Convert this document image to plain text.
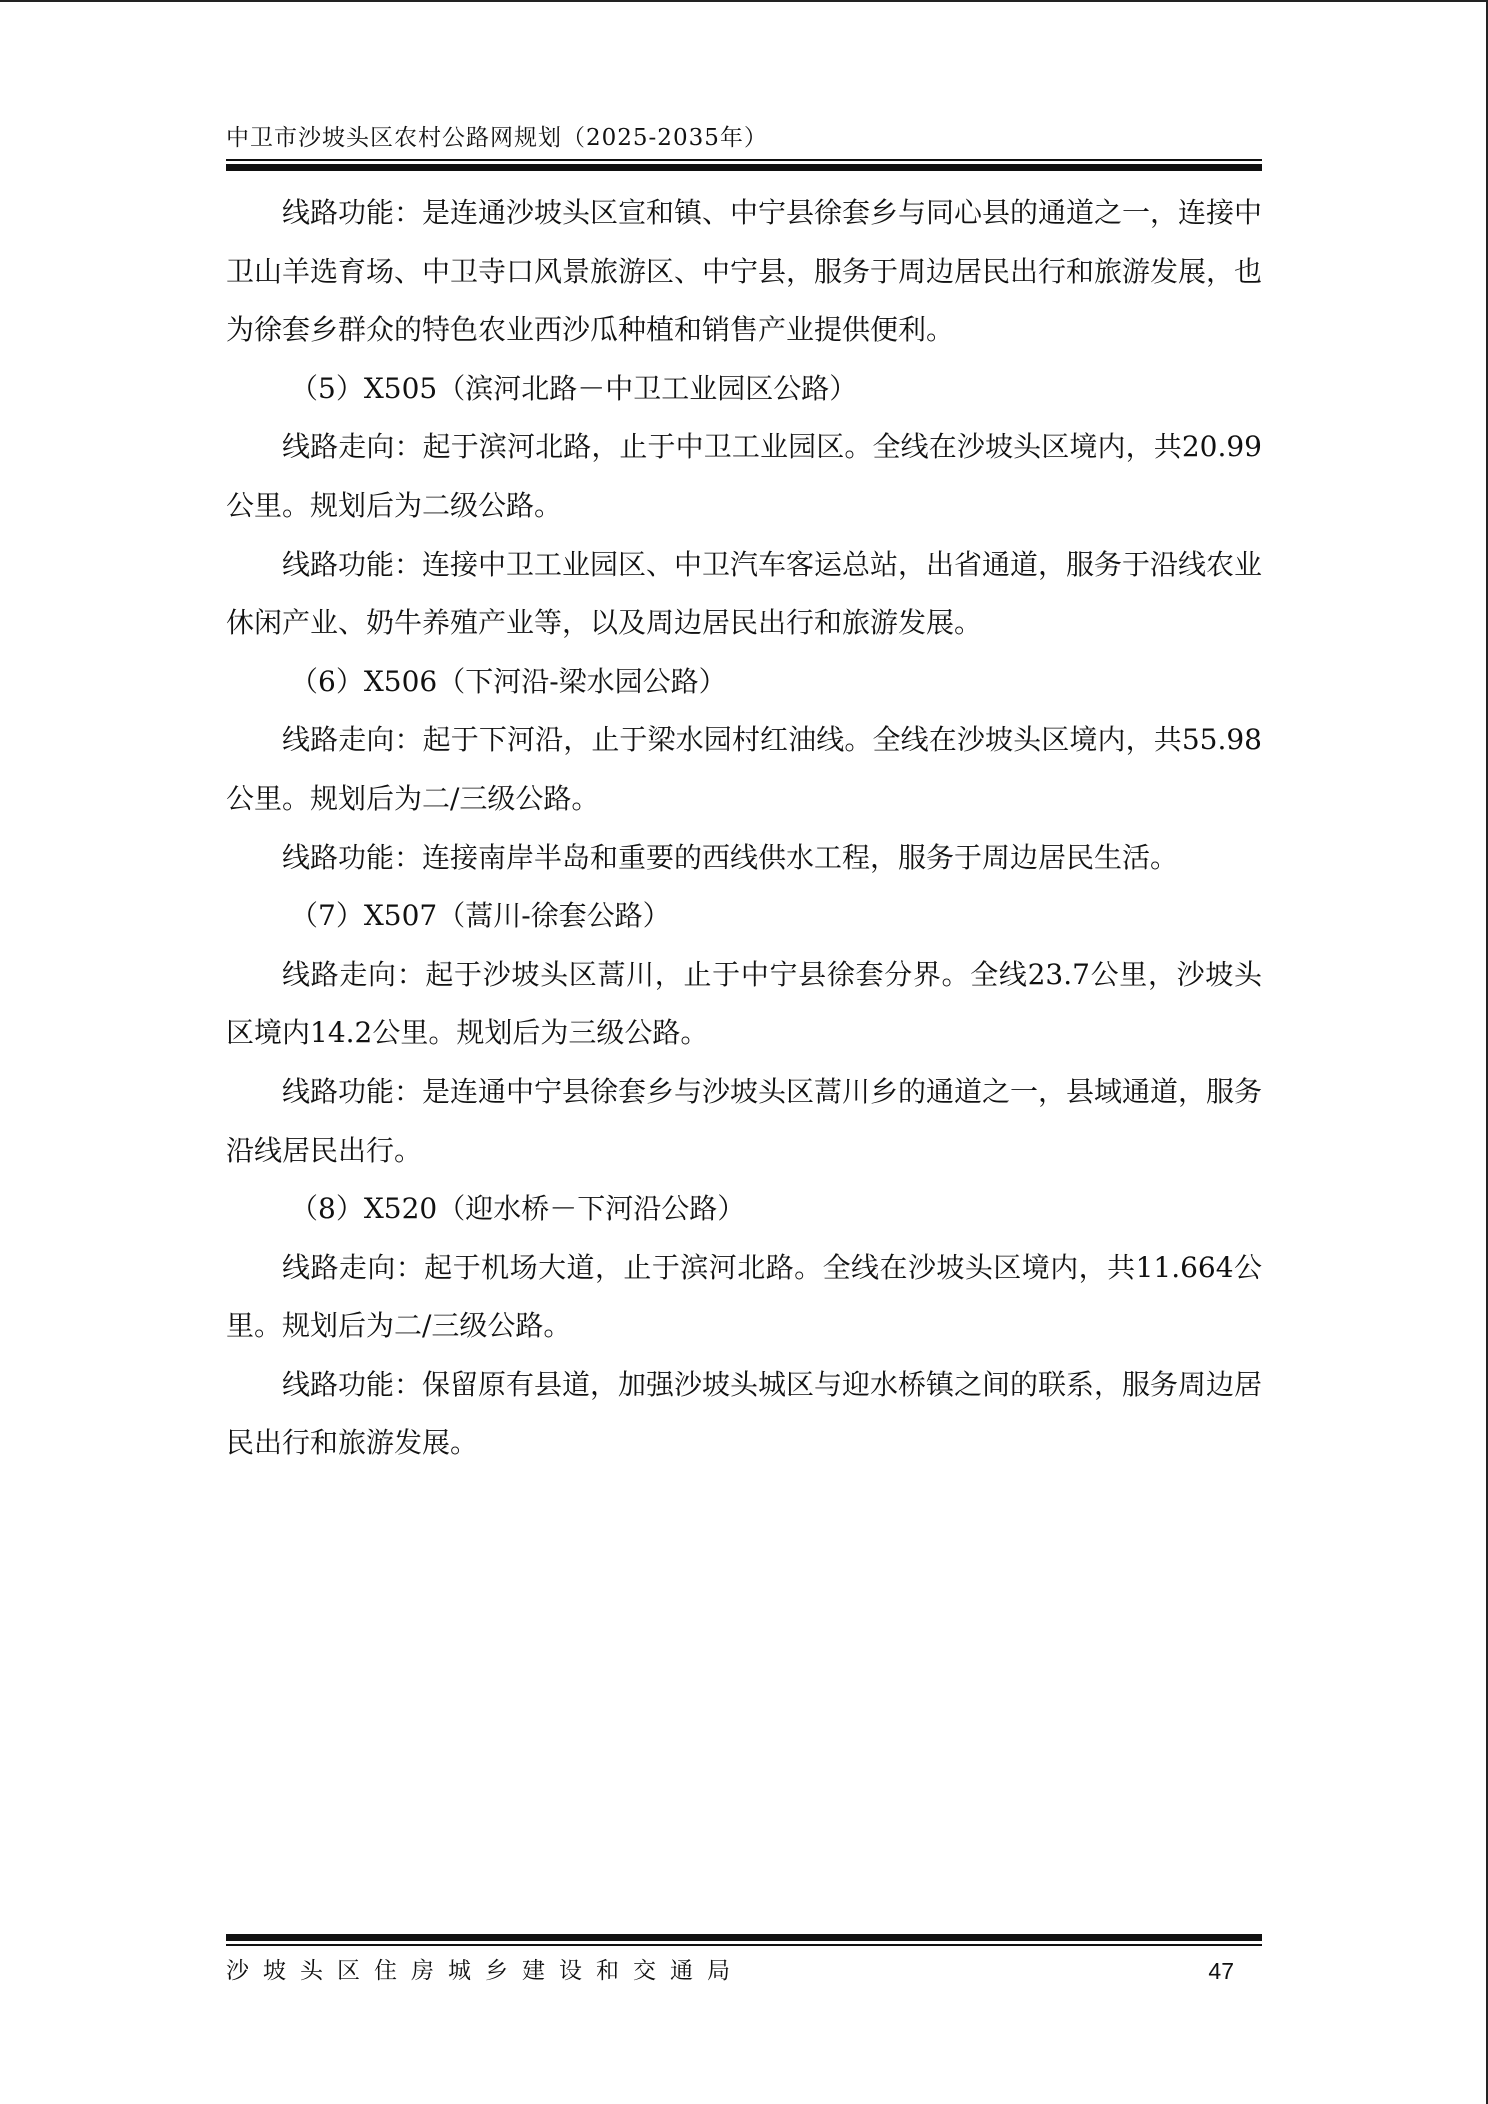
中卫市沙坡头区农村公路网规划（2025-2035年）

线路功能：是连通沙坡头区宣和镇、中宁县徐套乡与同心县的通道之一，连接中卫山羊选育场、中卫寺口风景旅游区、中宁县，服务于周边居民出行和旅游发展，也为徐套乡群众的特色农业西沙瓜种植和销售产业提供便利。

（5）X505（滨河北路－中卫工业园区公路）

线路走向：起于滨河北路，止于中卫工业园区。全线在沙坡头区境内，共20.99公里。规划后为二级公路。

线路功能：连接中卫工业园区、中卫汽车客运总站，出省通道，服务于沿线农业休闲产业、奶牛养殖产业等，以及周边居民出行和旅游发展。

（6）X506（下河沿-梁水园公路）

线路走向：起于下河沿，止于梁水园村红油线。全线在沙坡头区境内，共55.98公里。规划后为二/三级公路。

线路功能：连接南岸半岛和重要的西线供水工程，服务于周边居民生活。

（7）X507（蒿川-徐套公路）

线路走向：起于沙坡头区蒿川，止于中宁县徐套分界。全线23.7公里，沙坡头区境内14.2公里。规划后为三级公路。

线路功能：是连通中宁县徐套乡与沙坡头区蒿川乡的通道之一，县域通道，服务沿线居民出行。

（8）X520（迎水桥－下河沿公路）

线路走向：起于机场大道，止于滨河北路。全线在沙坡头区境内，共11.664公里。规划后为二/三级公路。

线路功能：保留原有县道，加强沙坡头城区与迎水桥镇之间的联系，服务周边居民出行和旅游发展。

沙坡头区住房城乡建设和交通局	47
